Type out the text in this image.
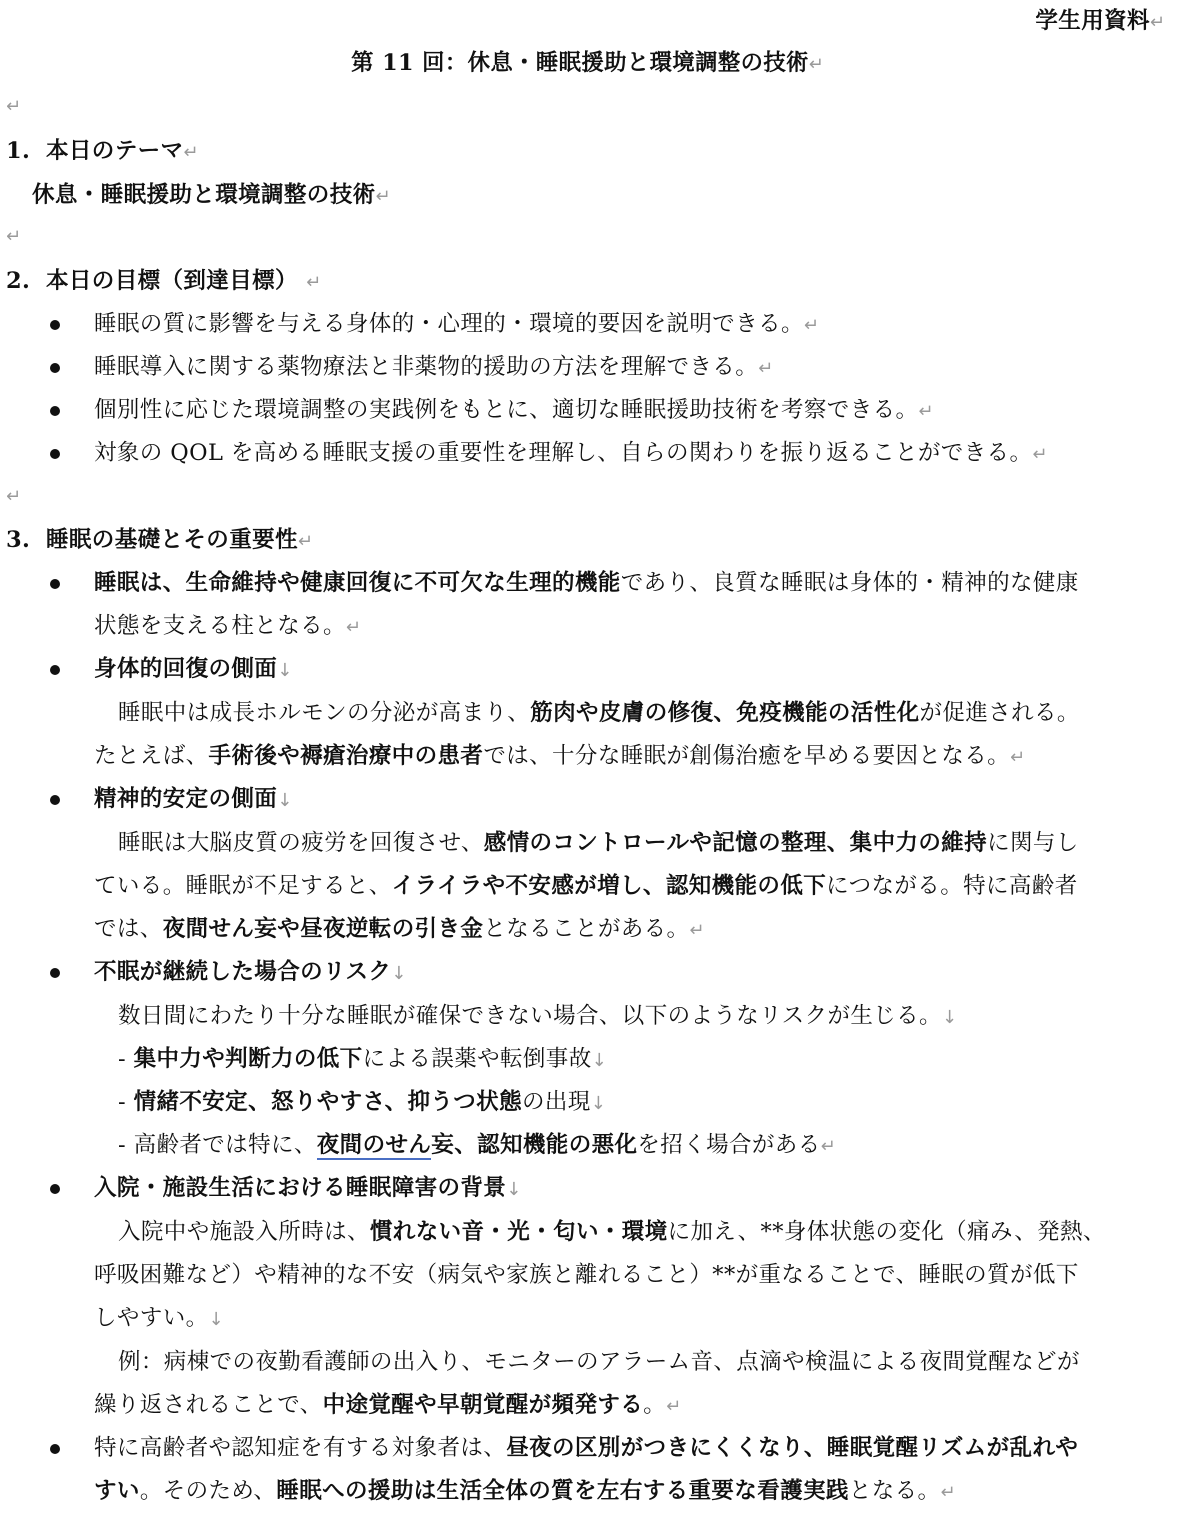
学生用資料↵
第 11 回：休息・睡眠援助と環境調整の技術↵
↵
1. 本日のテーマ↵
休息・睡眠援助と環境調整の技術↵
↵
2. 本日の目標（到達目標） ↵
睡眠の質に影響を与える身体的・心理的・環境的要因を説明できる。↵
睡眠導入に関する薬物療法と非薬物的援助の方法を理解できる。↵
個別性に応じた環境調整の実践例をもとに、適切な睡眠援助技術を考察できる。↵
対象の QOL を高める睡眠支援の重要性を理解し、自らの関わりを振り返ることができる。↵
↵
3. 睡眠の基礎とその重要性↵
睡眠は、生命維持や健康回復に不可欠な生理的機能であり、良質な睡眠は身体的・精神的な健康
状態を支える柱となる。↵
身体的回復の側面↓
睡眠中は成長ホルモンの分泌が高まり、筋肉や皮膚の修復、免疫機能の活性化が促進される。
たとえば、手術後や褥瘡治療中の患者では、十分な睡眠が創傷治癒を早める要因となる。↵
精神的安定の側面↓
睡眠は大脳皮質の疲労を回復させ、感情のコントロールや記憶の整理、集中力の維持に関与し
ている。睡眠が不足すると、イライラや不安感が増し、認知機能の低下につながる。特に高齢者
では、夜間せん妄や昼夜逆転の引き金となることがある。↵
不眠が継続した場合のリスク↓
数日間にわたり十分な睡眠が確保できない場合、以下のようなリスクが生じる。↓
- 集中力や判断力の低下による誤薬や転倒事故↓
- 情緒不安定、怒りやすさ、抑うつ状態の出現↓
- 高齢者では特に、夜間のせん妄、認知機能の悪化を招く場合がある↵
入院・施設生活における睡眠障害の背景↓
入院中や施設入所時は、慣れない音・光・匂い・環境に加え、**身体状態の変化（痛み、発熱、
呼吸困難など）や精神的な不安（病気や家族と離れること）**が重なることで、睡眠の質が低下
しやすい。↓
例：病棟での夜勤看護師の出入り、モニターのアラーム音、点滴や検温による夜間覚醒などが
繰り返されることで、中途覚醒や早朝覚醒が頻発する。↵
特に高齢者や認知症を有する対象者は、昼夜の区別がつきにくくなり、睡眠覚醒リズムが乱れや
すい。そのため、睡眠への援助は生活全体の質を左右する重要な看護実践となる。↵
